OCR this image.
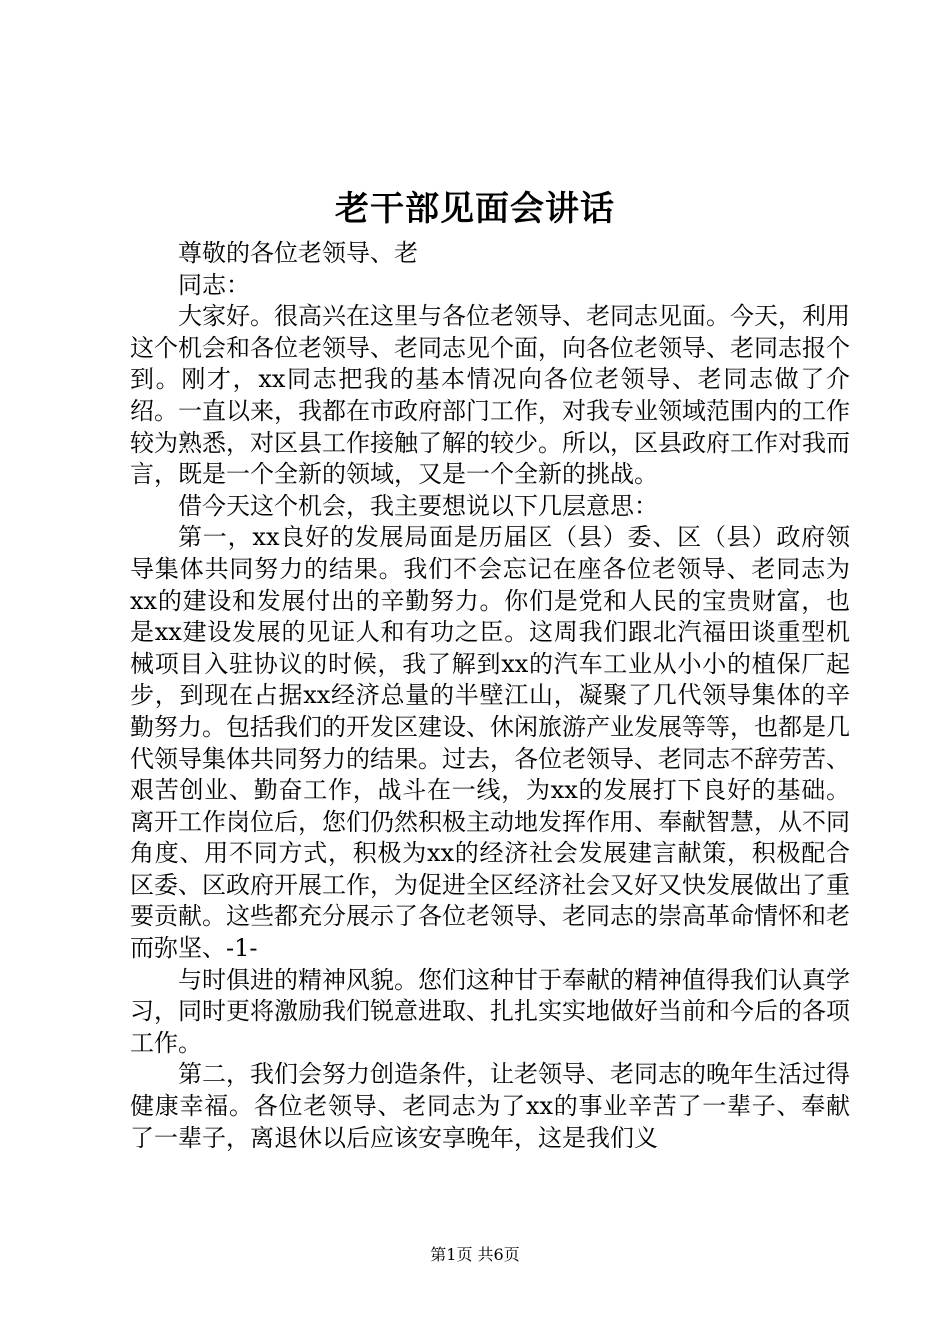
老干部见面会讲话

尊敬的各位老领导、老

同志：

大家好。很高兴在这里与各位老领导、老同志见面。今天，利用这个机会和各位老领导、老同志见个面，向各位老领导、老同志报个到。刚才，xx同志把我的基本情况向各位老领导、老同志做了介绍。一直以来，我都在市政府部门工作，对我专业领域范围内的工作较为熟悉，对区县工作接触了解的较少。所以，区县政府工作对我而言，既是一个全新的领域，又是一个全新的挑战。

借今天这个机会，我主要想说以下几层意思：

第一，xx良好的发展局面是历届区（县）委、区（县）政府领导集体共同努力的结果。我们不会忘记在座各位老领导、老同志为xx的建设和发展付出的辛勤努力。你们是党和人民的宝贵财富，也是xx建设发展的见证人和有功之臣。这周我们跟北汽福田谈重型机械项目入驻协议的时候，我了解到xx的汽车工业从小小的植保厂起步，到现在占据xx经济总量的半壁江山，凝聚了几代领导集体的辛勤努力。包括我们的开发区建设、休闲旅游产业发展等等，也都是几代领导集体共同努力的结果。过去，各位老领导、老同志不辞劳苦、艰苦创业、勤奋工作，战斗在一线，为xx的发展打下良好的基础。离开工作岗位后，您们仍然积极主动地发挥作用、奉献智慧，从不同角度、用不同方式，积极为xx的经济社会发展建言献策，积极配合区委、区政府开展工作，为促进全区经济社会又好又快发展做出了重要贡献。这些都充分展示了各位老领导、老同志的崇高革命情怀和老而弥坚、-1-

与时俱进的精神风貌。您们这种甘于奉献的精神值得我们认真学习，同时更将激励我们锐意进取、扎扎实实地做好当前和今后的各项工作。

第二，我们会努力创造条件，让老领导、老同志的晚年生活过得健康幸福。各位老领导、老同志为了xx的事业辛苦了一辈子、奉献了一辈子，离退休以后应该安享晚年，这是我们义

第1页 共6页
